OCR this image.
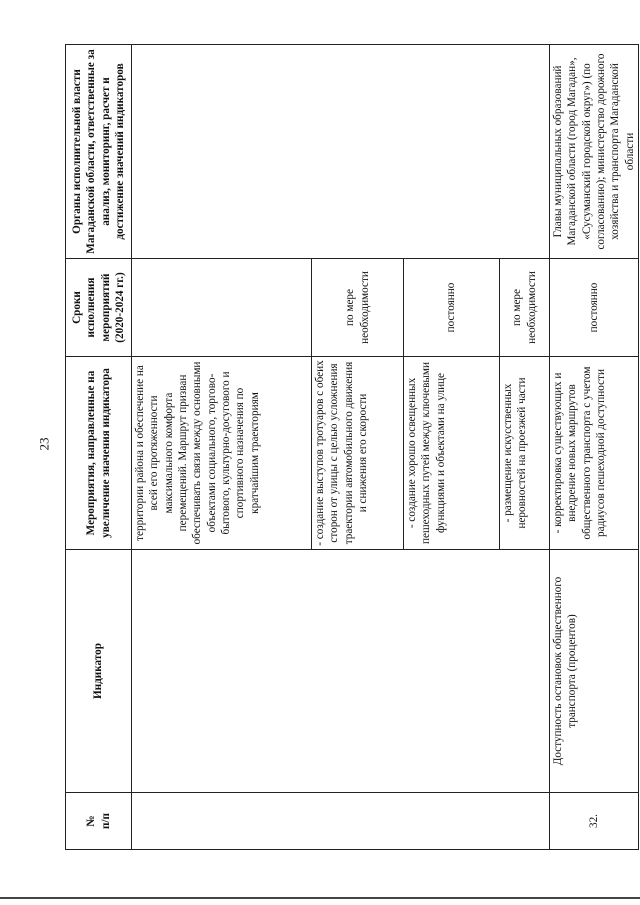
23
№
п/п	Индикатор	Мероприятия, направленные на увеличение значения индикатора	Сроки исполнения мероприятий (2020-2024 гг.)	Органы исполнительной власти Магаданской области, ответственные за анализ, мониторинг, расчет и достижение значений индикаторов
		территории района и обеспечение на всей его протяженности максимального комфорта перемещений. Маршрут призван обеспечивать связи между основными объектами социального, торгово-бытового, культурно-досугового и спортивного назначения по кратчайшим траекториям		
		- создание выступов тротуаров с обеих сторон от улицы с целью усложнения траектории автомобильного движения и снижения его скорости	по мере необходимости	
		- создание хорошо освещенных пешеходных путей между ключевыми функциями и объектами на улице	постоянно	
		- размещение искусственных неровностей на проезжей части	по мере необходимости	
32.	Доступность остановок общественного транспорта (процентов)	- корректировка существующих и внедрение новых маршрутов общественного транспорта с учетом радиусов пешеходной доступности	постоянно	Главы муниципальных образований Магаданской области (город Магадан», «Сусуманский городской округ») (по согласованию); министерство дорожного хозяйства и транспорта Магаданской области
